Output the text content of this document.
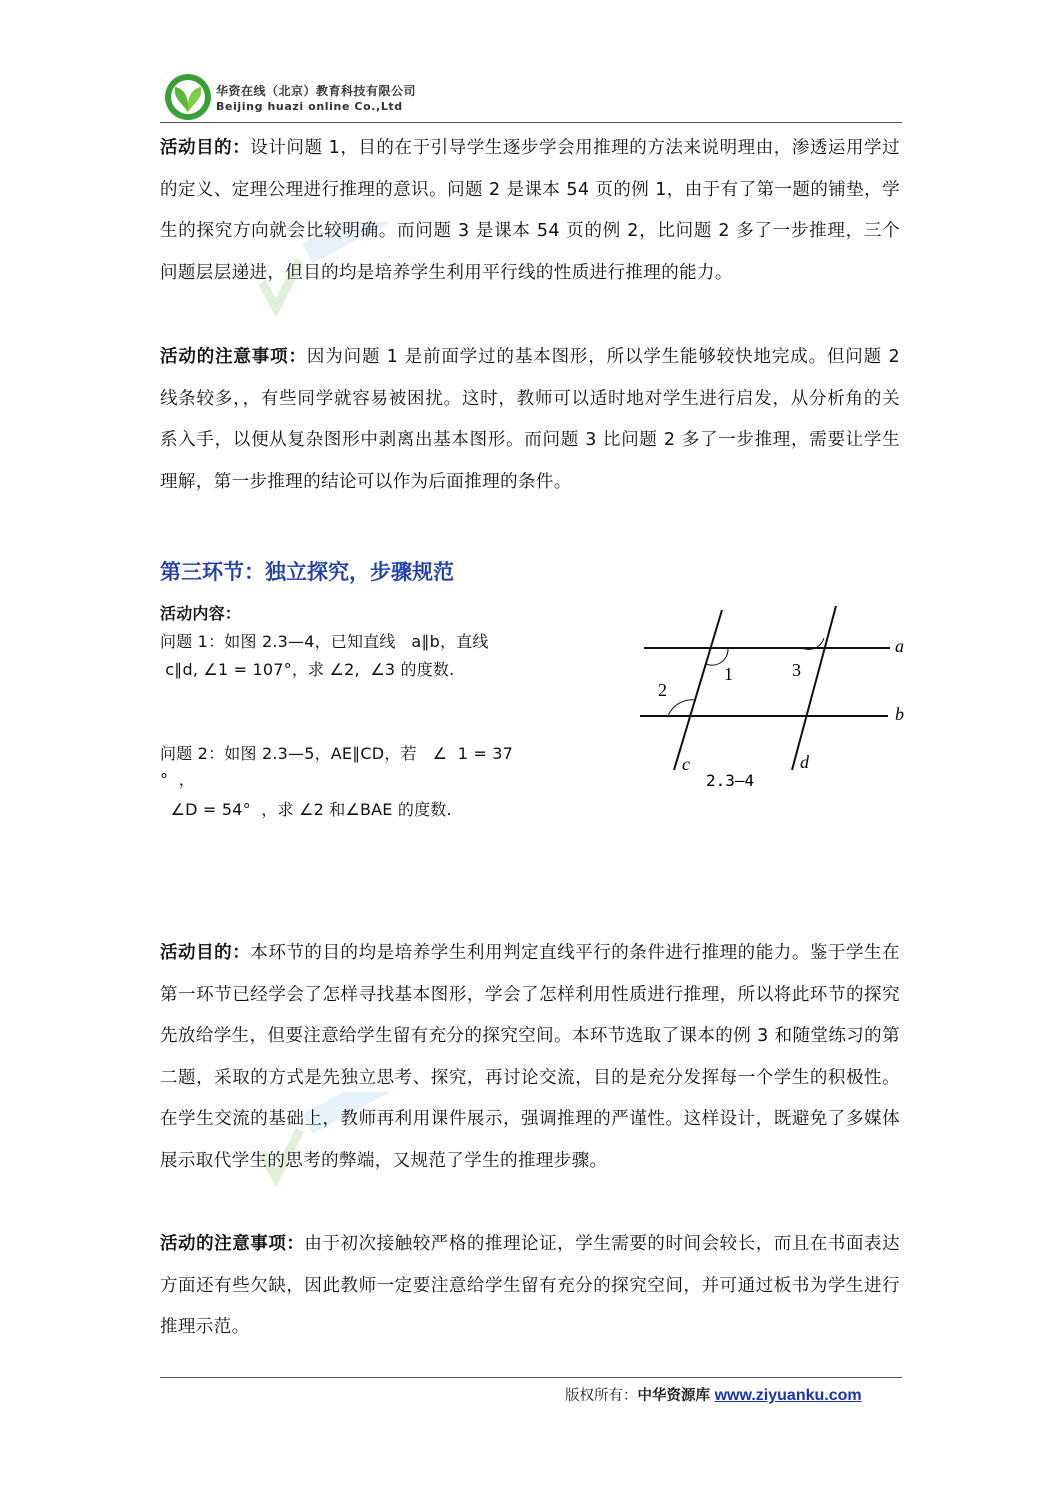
华资在线（北京）教育科技有限公司
Beijing huazi online Co.,Ltd
活动目的：设计问题 1，目的在于引导学生逐步学会用推理的方法来说明理由，渗透运用学过的定义、定理公理进行推理的意识。问题 2 是课本 54 页的例 1，由于有了第一题的铺垫，学生的探究方向就会比较明确。而问题 3 是课本 54 页的例 2，比问题 2 多了一步推理，三个问题层层递进，但目的均是培养学生利用平行线的性质进行推理的能力。
活动的注意事项：因为问题 1 是前面学过的基本图形，所以学生能够较快地完成。但问题 2 线条较多，，有些同学就容易被困扰。这时，教师可以适时地对学生进行启发，从分析角的关系入手，以便从复杂图形中剥离出基本图形。而问题 3 比问题 2 多了一步推理，需要让学生理解，第一步推理的结论可以作为后面推理的条件。
第三环节：独立探究，步骤规范
活动内容：
问题 1：如图 2.3—4，已知直线   a∥b，直线
c∥d, ∠1 = 107°，求 ∠2,  ∠3 的度数.
问题 2：如图 2.3—5，AE∥CD，若   ∠  1 = 37
°  ，
∠D = 54°  ，求 ∠2 和∠BAE 的度数.
a
b
c	d
1
2
3
2.3—4
活动目的：本环节的目的均是培养学生利用判定直线平行的条件进行推理的能力。鉴于学生在第一环节已经学会了怎样寻找基本图形，学会了怎样利用性质进行推理，所以将此环节的探究先放给学生，但要注意给学生留有充分的探究空间。本环节选取了课本的例 3 和随堂练习的第二题，采取的方式是先独立思考、探究，再讨论交流，目的是充分发挥每一个学生的积极性。在学生交流的基础上，教师再利用课件展示，强调推理的严谨性。这样设计，既避免了多媒体展示取代学生的思考的弊端，又规范了学生的推理步骤。
活动的注意事项：由于初次接触较严格的推理论证，学生需要的时间会较长，而且在书面表达方面还有些欠缺，因此教师一定要注意给学生留有充分的探究空间，并可通过板书为学生进行推理示范。
版权所有：中华资源库 www.ziyuanku.com
